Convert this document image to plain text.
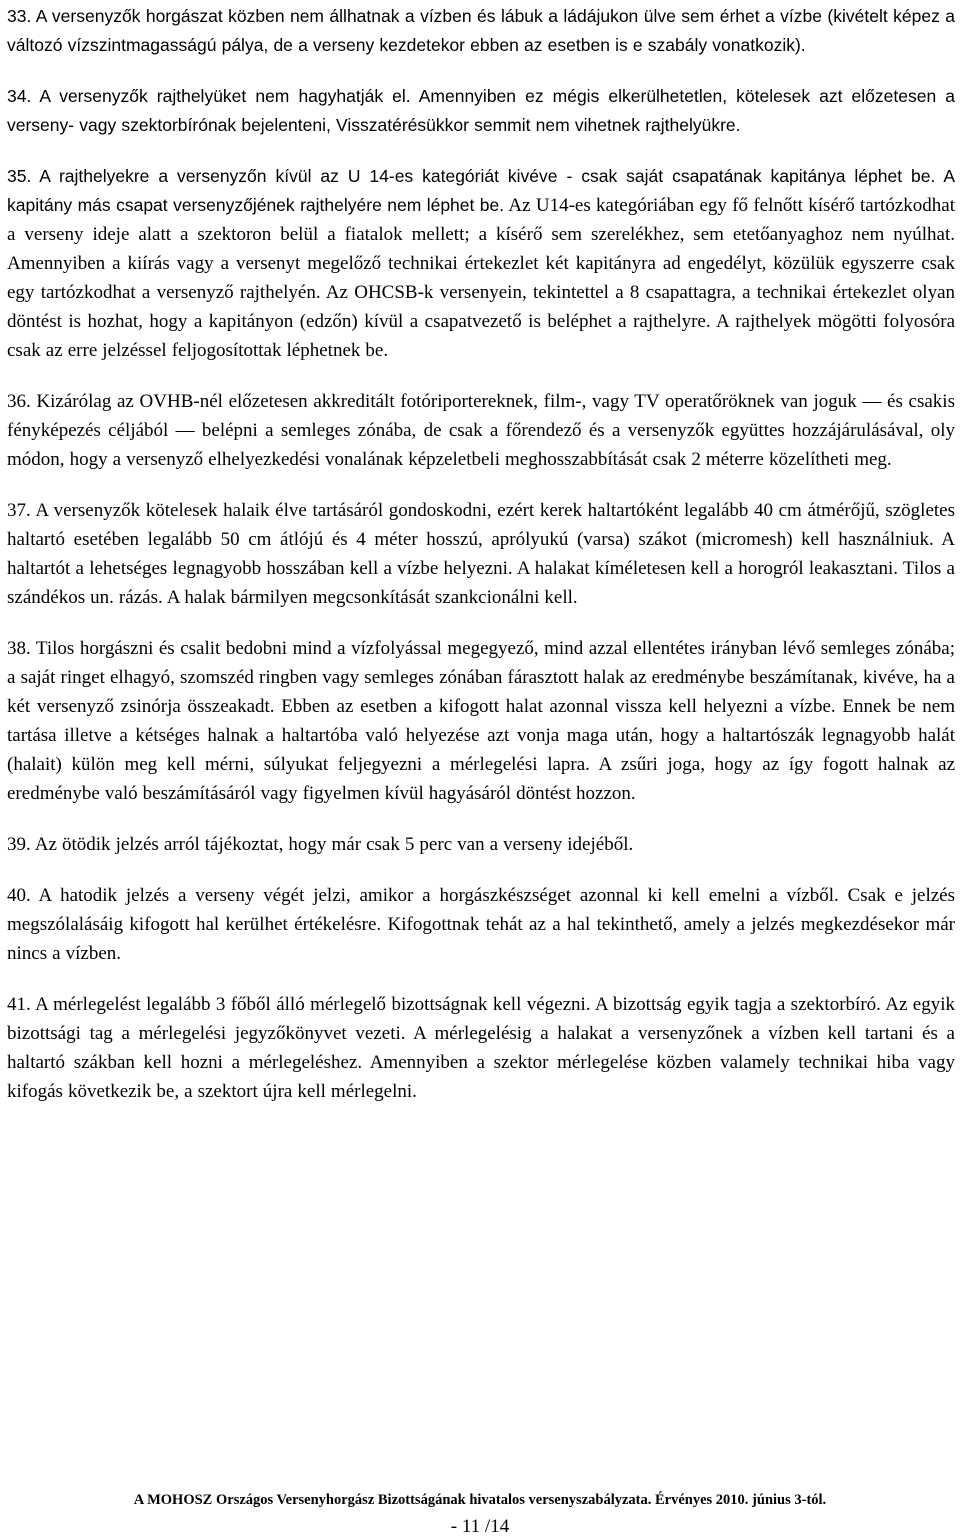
33. A versenyzők horgászat közben nem állhatnak a vízben és lábuk a ládájukon ülve sem érhet a vízbe (kivételt képez a változó vízszintmagasságú pálya, de a verseny kezdetekor ebben az esetben is e szabály vonatkozik).

34. A versenyzők rajthelyüket nem hagyhatják el. Amennyiben ez mégis elkerülhetetlen, kötelesek azt előzetesen a verseny- vagy szektorbírónak bejelenteni, Visszatérésükkor semmit nem vihetnek rajthelyükre.

35. A rajthelyekre a versenyzőn kívül az U 14-es kategóriát kivéve - csak saját csapatának kapitánya léphet be. A kapitány más csapat versenyzőjének rajthelyére nem léphet be. Az U14-es kategóriában egy fő felnőtt kísérő tartózkodhat a verseny ideje alatt a szektoron belül a fiatalok mellett; a kísérő sem szerelékhez, sem etetőanyaghoz nem nyúlhat. Amennyiben a kiírás vagy a versenyt megelőző technikai értekezlet két kapitányra ad engedélyt, közülük egyszerre csak egy tartózkodhat a versenyző rajthelyén. Az OHCSB-k versenyein, tekintettel a 8 csapattagra, a technikai értekezlet olyan döntést is hozhat, hogy a kapitányon (edzőn) kívül a csapatvezető is beléphet a rajthelyre. A rajthelyek mögötti folyosóra csak az erre jelzéssel feljogosítottak léphetnek be.

36. Kizárólag az OVHB-nél előzetesen akkreditált fotóriportereknek, film-, vagy TV operatőröknek van joguk — és csakis fényképezés céljából — belépni a semleges zónába, de csak a főrendező és a versenyzők együttes hozzájárulásával, oly módon, hogy a versenyző elhelyezkedési vonalának képzeletbeli meghosszabbítását csak 2 méterre közelítheti meg.

37. A versenyzők kötelesek halaik élve tartásáról gondoskodni, ezért kerek haltartóként legalább 40 cm átmérőjű, szögletes haltartó esetében legalább 50 cm átlójú és 4 méter hosszú, aprólyukú (varsa) szákot (micromesh) kell használniuk. A haltartót a lehetséges legnagyobb hosszában kell a vízbe helyezni. A halakat kíméletesen kell a horogról leakasztani. Tilos a szándékos un. rázás. A halak bármilyen megcsonkítását szankcionálni kell.

38. Tilos horgászni és csalit bedobni mind a vízfolyással megegyező, mind azzal ellentétes irányban lévő semleges zónába; a saját ringet elhagyó, szomszéd ringben vagy semleges zónában fárasztott halak az eredménybe beszámítanak, kivéve, ha a két versenyző zsinórja összeakadt. Ebben az esetben a kifogott halat azonnal vissza kell helyezni a vízbe. Ennek be nem tartása illetve a kétséges halnak a haltartóba való helyezése azt vonja maga után, hogy a haltartószák legnagyobb halát (halait) külön meg kell mérni, súlyukat feljegyezni a mérlegelési lapra. A zsűri joga, hogy az így fogott halnak az eredménybe való beszámításáról vagy figyelmen kívül hagyásáról döntést hozzon.

39. Az ötödik jelzés arról tájékoztat, hogy már csak 5 perc van a verseny idejéből.

40. A hatodik jelzés a verseny végét jelzi, amikor a horgászkészséget azonnal ki kell emelni a vízből. Csak e jelzés megszólalásáig kifogott hal kerülhet értékelésre. Kifogottnak tehát az a hal tekinthető, amely a jelzés megkezdésekor már nincs a vízben.

41. A mérlegelést legalább 3 főből álló mérlegelő bizottságnak kell végezni. A bizottság egyik tagja a szektorbíró. Az egyik bizottsági tag a mérlegelési jegyzőkönyvet vezeti. A mérlegelésig a halakat a versenyzőnek a vízben kell tartani és a haltartó szákban kell hozni a mérlegeléshez. Amennyiben a szektor mérlegelése közben valamely technikai hiba vagy kifogás következik be, a szektort újra kell mérlegelni.

A MOHOSZ Országos Versenyhorgász Bizottságának hivatalos versenyszabályzata. Érvényes 2010. június 3-tól.
- 11 /14
